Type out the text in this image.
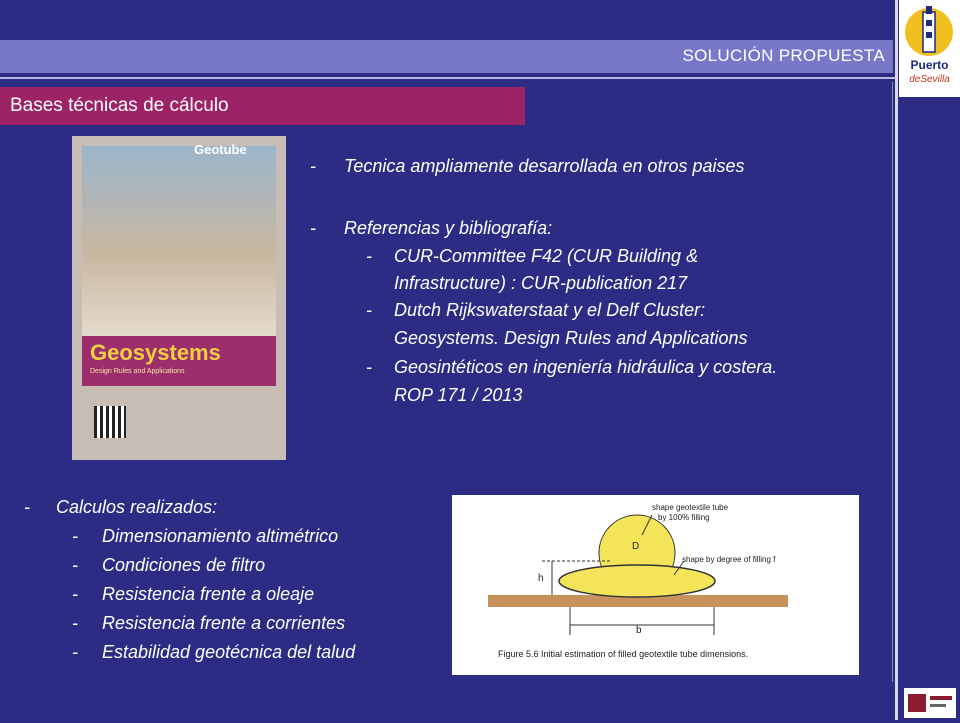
SOLUCIÓN PROPUESTA	Puerto
deSevilla
Bases técnicas de cálculo
Geotube
Geosystems
Design Rules and Applications
- Tecnica ampliamente desarrollada en otros paises
- Referencias y bibliografía:
- CUR-Committee F42 (CUR Building &
Infrastructure) : CUR-publication 217
- Dutch Rijkswaterstaat y el Delf Cluster:
Geosystems. Design Rules and Applications
- Geosintéticos en ingeniería hidráulica y costera.
ROP 171 / 2013
- Calculos realizados:
- Dimensionamiento altimétrico
- Condiciones de filtro
- Resistencia frente a oleaje
- Resistencia frente a corrientes
- Estabilidad geotécnica del talud
shape geotextile tube
by 100% filling
shape by degree of filling f
D
h
b
Figure 5.6 Initial estimation of filled geotextile tube dimensions.
